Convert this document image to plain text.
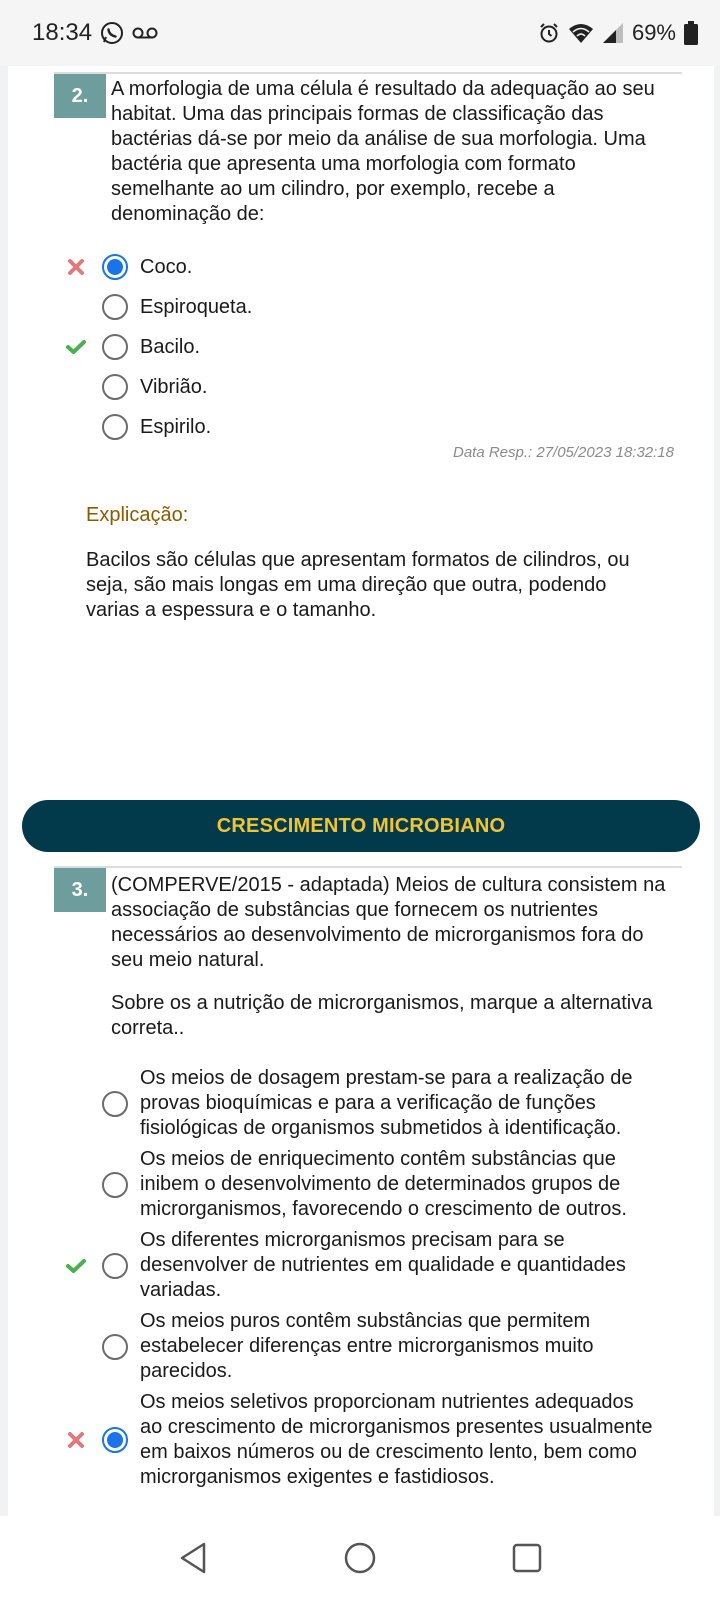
18:34	69%
2.	A morfologia de uma célula é resultado da adequação ao seu
habitat. Uma das principais formas de classificação das
bactérias dá-se por meio da análise de sua morfologia. Uma
bactéria que apresenta uma morfologia com formato
semelhante ao um cilindro, por exemplo, recebe a
denominação de:
Coco.
Espiroqueta.
Bacilo.
Vibrião.
Espirilo.
Data Resp.: 27/05/2023 18:32:18
Explicação:
Bacilos são células que apresentam formatos de cilindros, ou
seja, são mais longas em uma direção que outra, podendo
varias a espessura e o tamanho.
CRESCIMENTO MICROBIANO
3.	(COMPERVE/2015 - adaptada) Meios de cultura consistem na
associação de substâncias que fornecem os nutrientes
necessários ao desenvolvimento de microrganismos fora do
seu meio natural.
Sobre os a nutrição de microrganismos, marque a alternativa
correta..
Os meios de dosagem prestam-se para a realização de
provas bioquímicas e para a verificação de funções
fisiológicas de organismos submetidos à identificação.
Os meios de enriquecimento contêm substâncias que
inibem o desenvolvimento de determinados grupos de
microrganismos, favorecendo o crescimento de outros.
Os diferentes microrganismos precisam para se
desenvolver de nutrientes em qualidade e quantidades
variadas.
Os meios puros contêm substâncias que permitem
estabelecer diferenças entre microrganismos muito
parecidos.
Os meios seletivos proporcionam nutrientes adequados
ao crescimento de microrganismos presentes usualmente
em baixos números ou de crescimento lento, bem como
microrganismos exigentes e fastidiosos.
